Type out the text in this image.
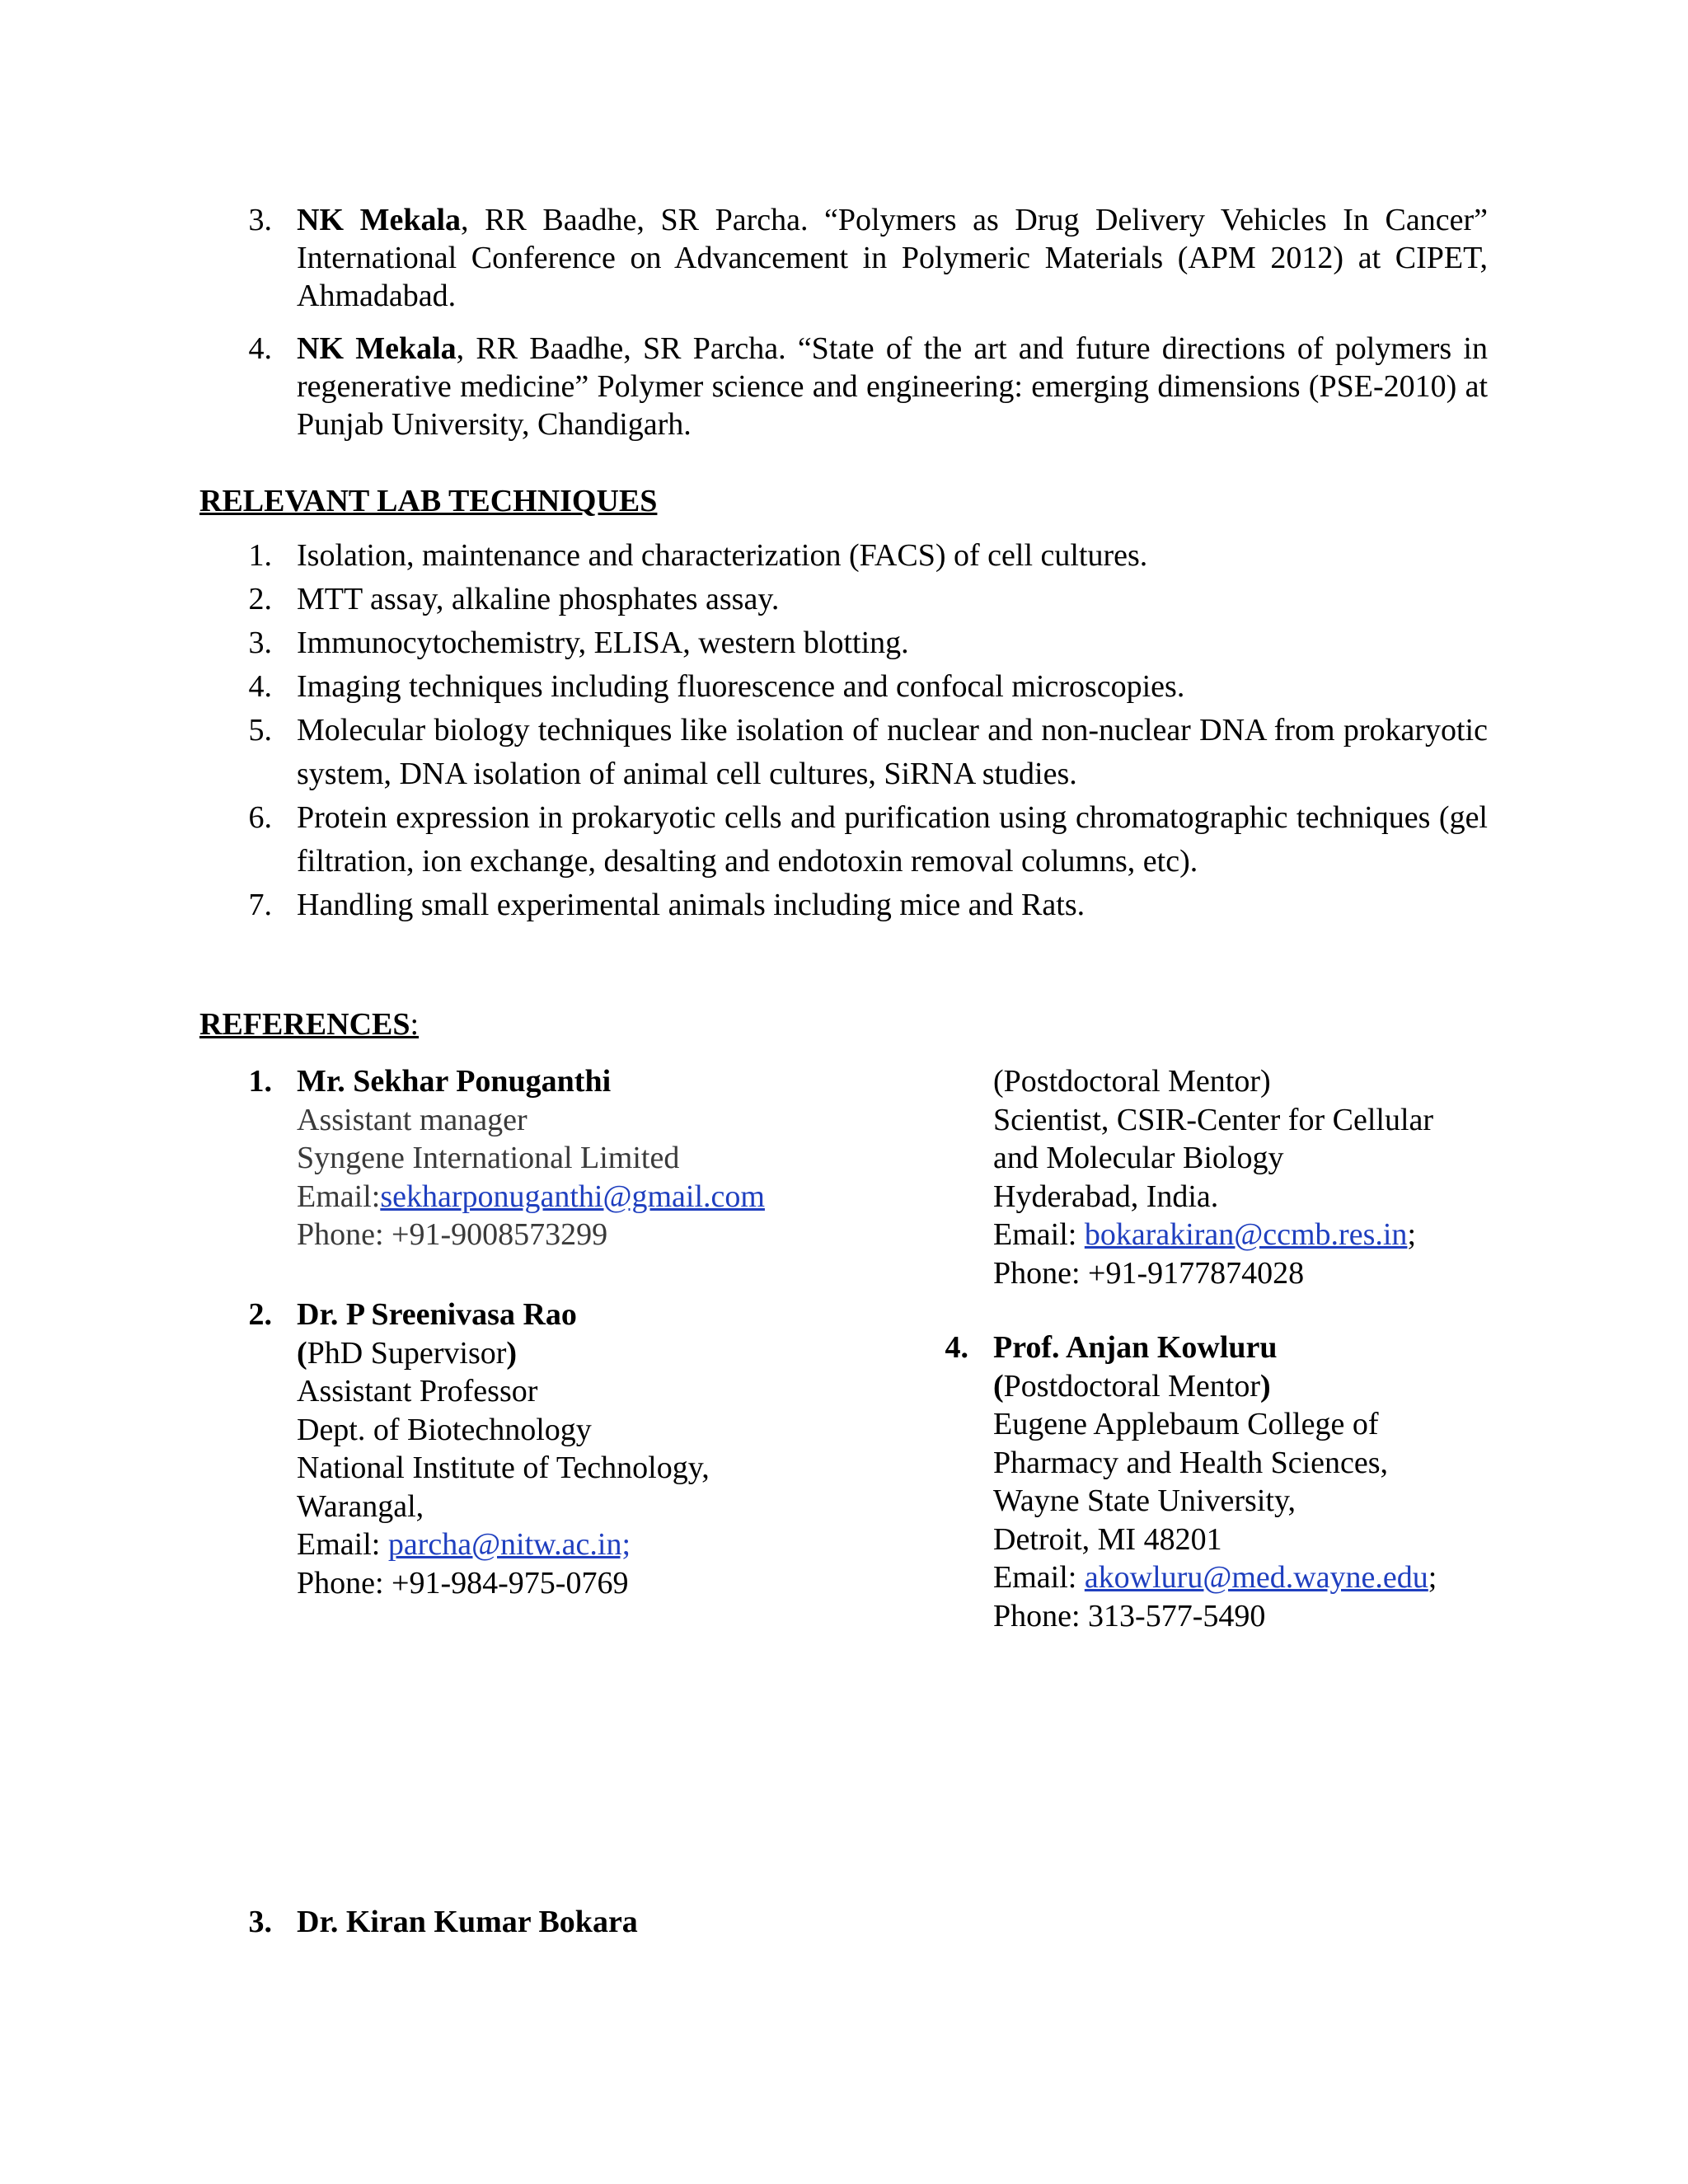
3. NK Mekala, RR Baadhe, SR Parcha. “Polymers as Drug Delivery Vehicles In Cancer” International Conference on Advancement in Polymeric Materials (APM 2012) at CIPET, Ahmadabad.
4. NK Mekala, RR Baadhe, SR Parcha. “State of the art and future directions of polymers in regenerative medicine” Polymer science and engineering: emerging dimensions (PSE-2010) at Punjab University, Chandigarh.
RELEVANT LAB TECHNIQUES
1. Isolation, maintenance and characterization (FACS) of cell cultures.
2. MTT assay, alkaline phosphates assay.
3. Immunocytochemistry, ELISA, western blotting.
4. Imaging techniques including fluorescence and confocal microscopies.
5. Molecular biology techniques like isolation of nuclear and non-nuclear DNA from prokaryotic system, DNA isolation of animal cell cultures, SiRNA studies.
6. Protein expression in prokaryotic cells and purification using chromatographic techniques (gel filtration, ion exchange, desalting and endotoxin removal columns, etc).
7. Handling small experimental animals including mice and Rats.
REFERENCES:
1. Mr. Sekhar Ponuganthi
Assistant manager
Syngene International Limited
Email:sekharponuganthi@gmail.com
Phone: +91-9008573299
2. Dr. P Sreenivasa Rao
(PhD Supervisor)
Assistant Professor
Dept. of Biotechnology
National Institute of Technology,
Warangal,
Email: parcha@nitw.ac.in;
Phone: +91-984-975-0769
(Postdoctoral Mentor)
Scientist, CSIR-Center for Cellular
and Molecular Biology
Hyderabad, India.
Email: bokarakiran@ccmb.res.in;
Phone: +91-9177874028
4. Prof. Anjan Kowluru
(Postdoctoral Mentor)
Eugene Applebaum College of
Pharmacy and Health Sciences,
Wayne State University,
Detroit, MI 48201
Email: akowluru@med.wayne.edu;
Phone: 313-577-5490
3. Dr. Kiran Kumar Bokara
